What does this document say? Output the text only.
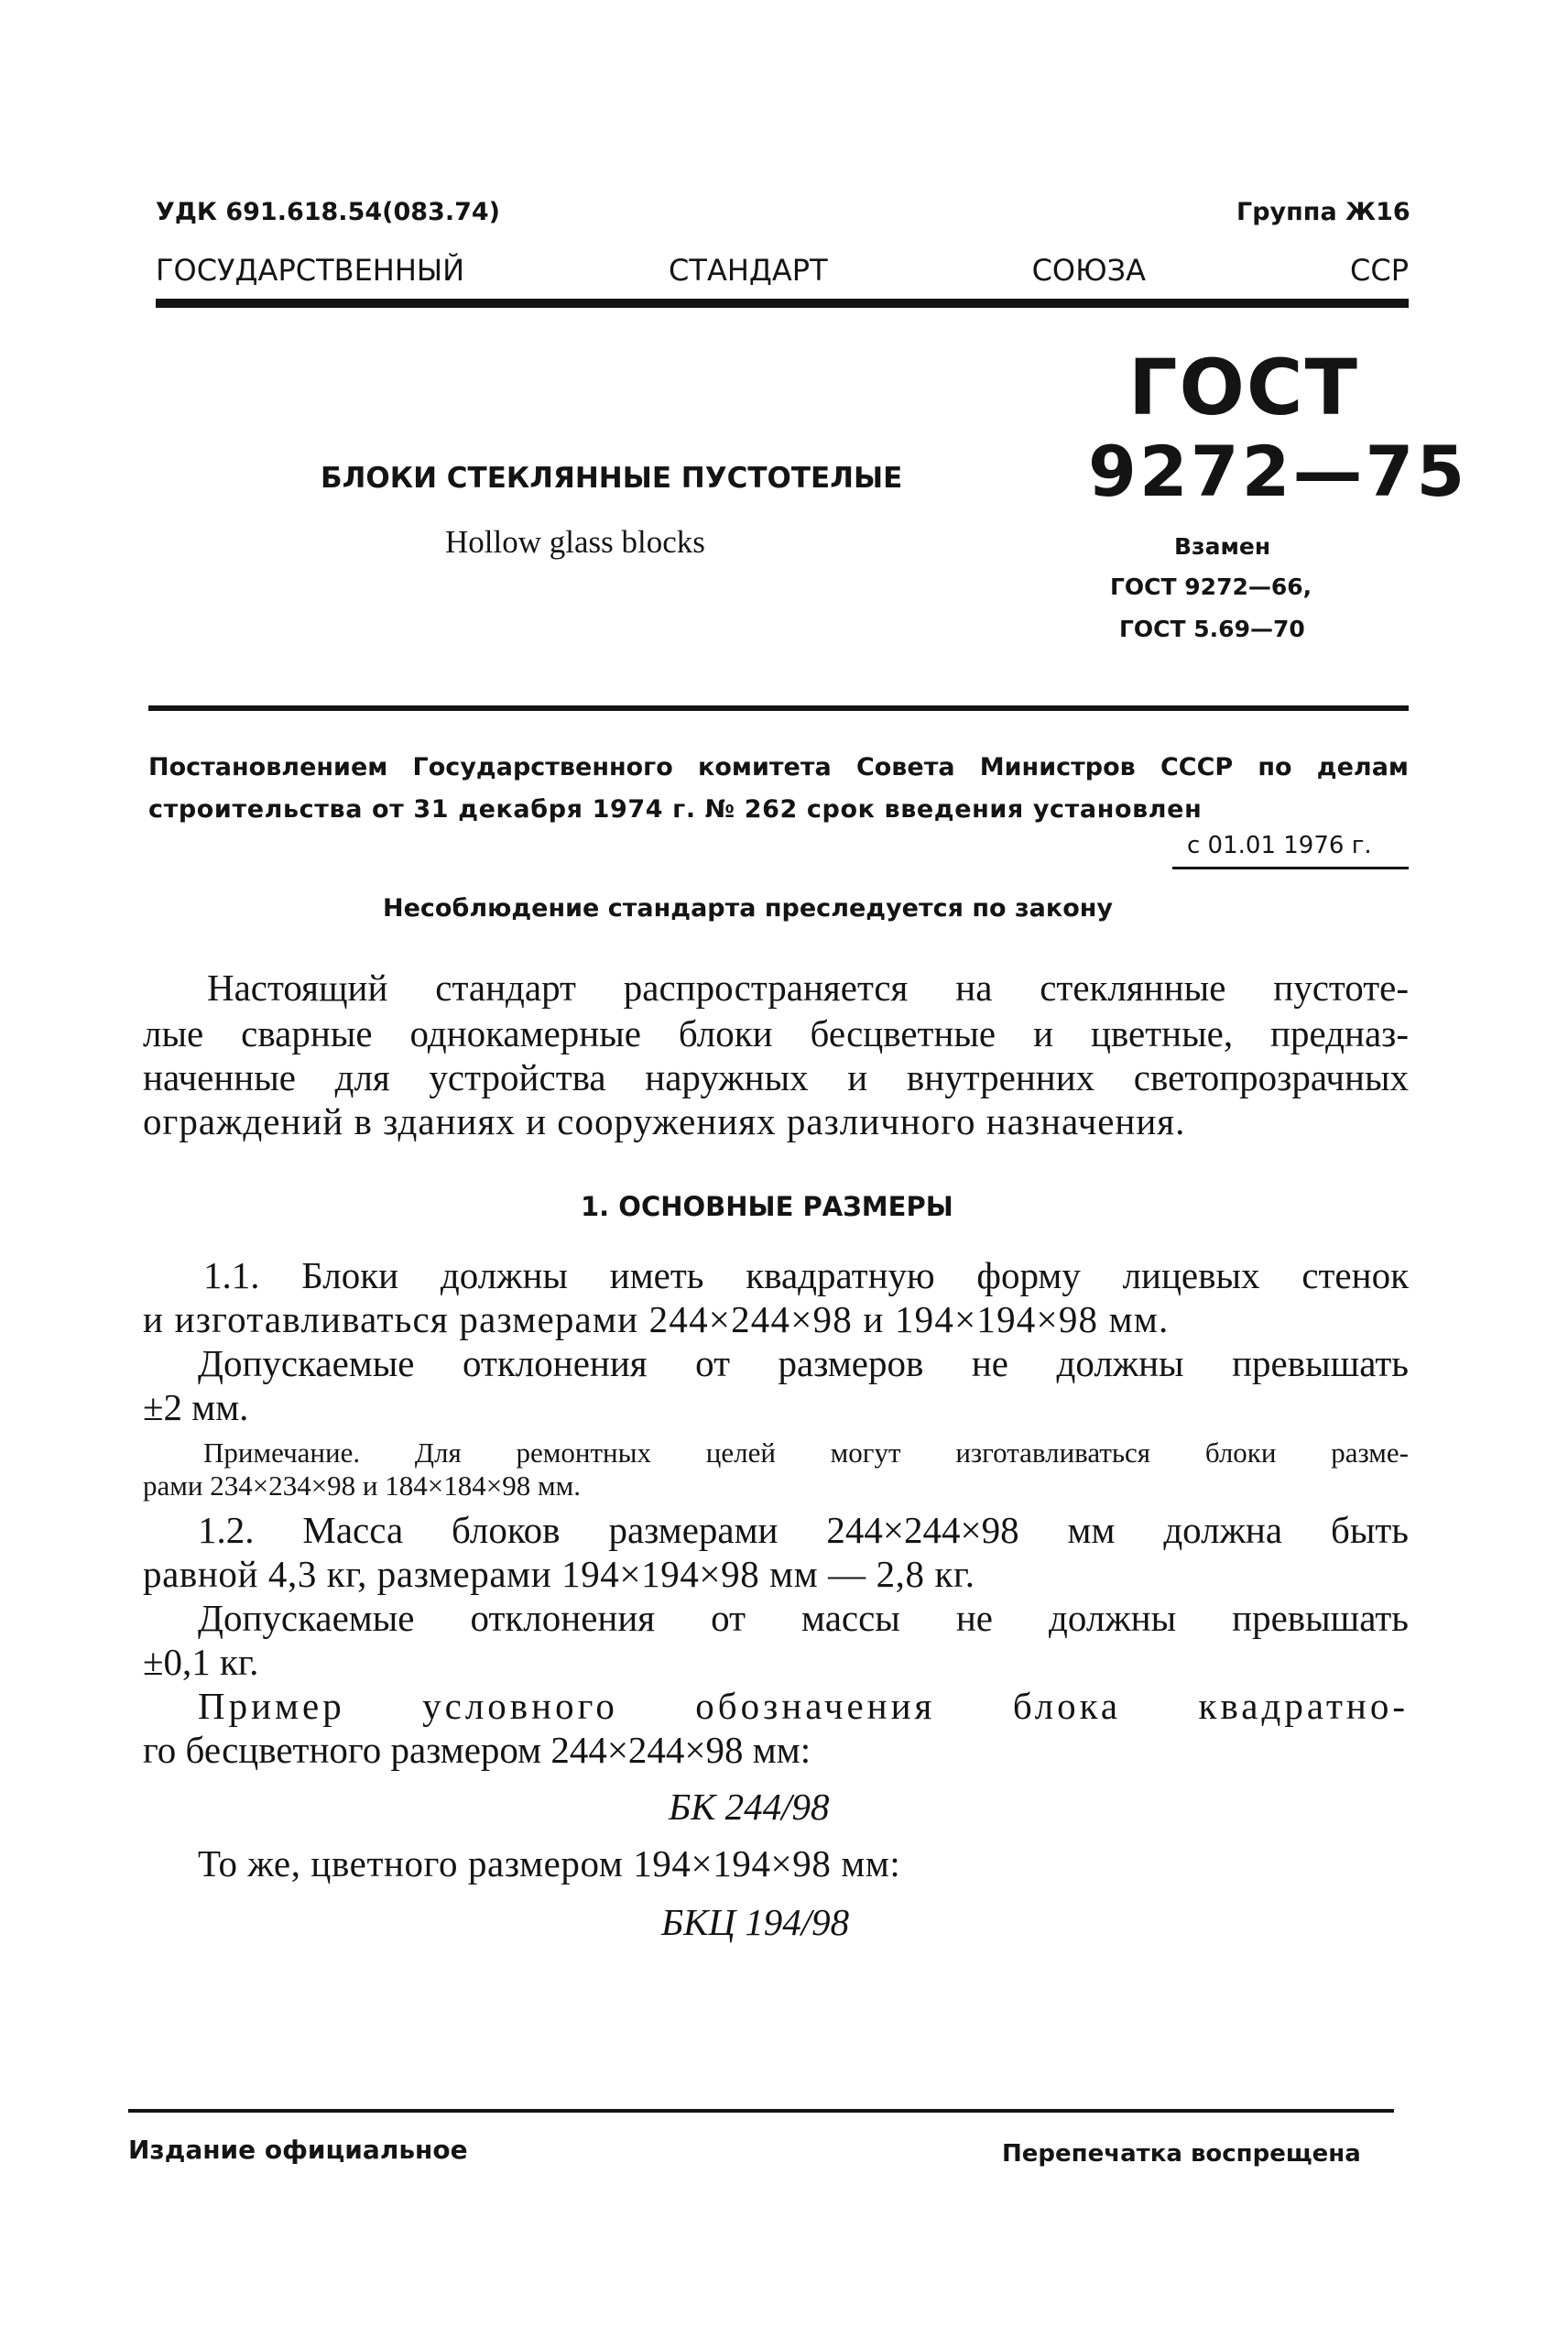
УДК 691.618.54(083.74)	Группа Ж16
ГОСУДАРСТВЕННЫЙ СТАНДАРТ СОЮЗА ССР
БЛОКИ СТЕКЛЯННЫЕ ПУСТОТЕЛЫЕ
Hollow glass blocks
ГОСТ
9272—75
Взамен
ГОСТ 9272—66,
ГОСТ 5.69—70
Постановлением Государственного комитета Совета Министров СССР по делам
строительства от 31 декабря 1974 г. № 262 срок введения установлен
с 01.01 1976 г.
Несоблюдение стандарта преследуется по закону
Настоящий стандарт распространяется на стеклянные пустоте-
лые сварные однокамерные блоки бесцветные и цветные, предназ-
наченные для устройства наружных и внутренних светопрозрачных
ограждений в зданиях и сооружениях различного назначения.
1. ОСНОВНЫЕ РАЗМЕРЫ
1.1. Блоки должны иметь квадратную форму лицевых стенок
и изготавливаться размерами 244×244×98 и 194×194×98 мм.
Допускаемые отклонения от размеров не должны превышать
±2 мм.
Примечание. Для ремонтных целей могут изготавливаться блоки разме-
рами 234×234×98 и 184×184×98 мм.
1.2. Масса блоков размерами 244×244×98 мм должна быть
равной 4,3 кг, размерами 194×194×98 мм — 2,8 кг.
Допускаемые отклонения от массы не должны превышать
±0,1 кг.
Пример условного обозначения блока квадратно-
го бесцветного размером 244×244×98 мм:
БК 244/98
То же, цветного размером 194×194×98 мм:
БКЦ 194/98
Издание официальное	Перепечатка воспрещена
